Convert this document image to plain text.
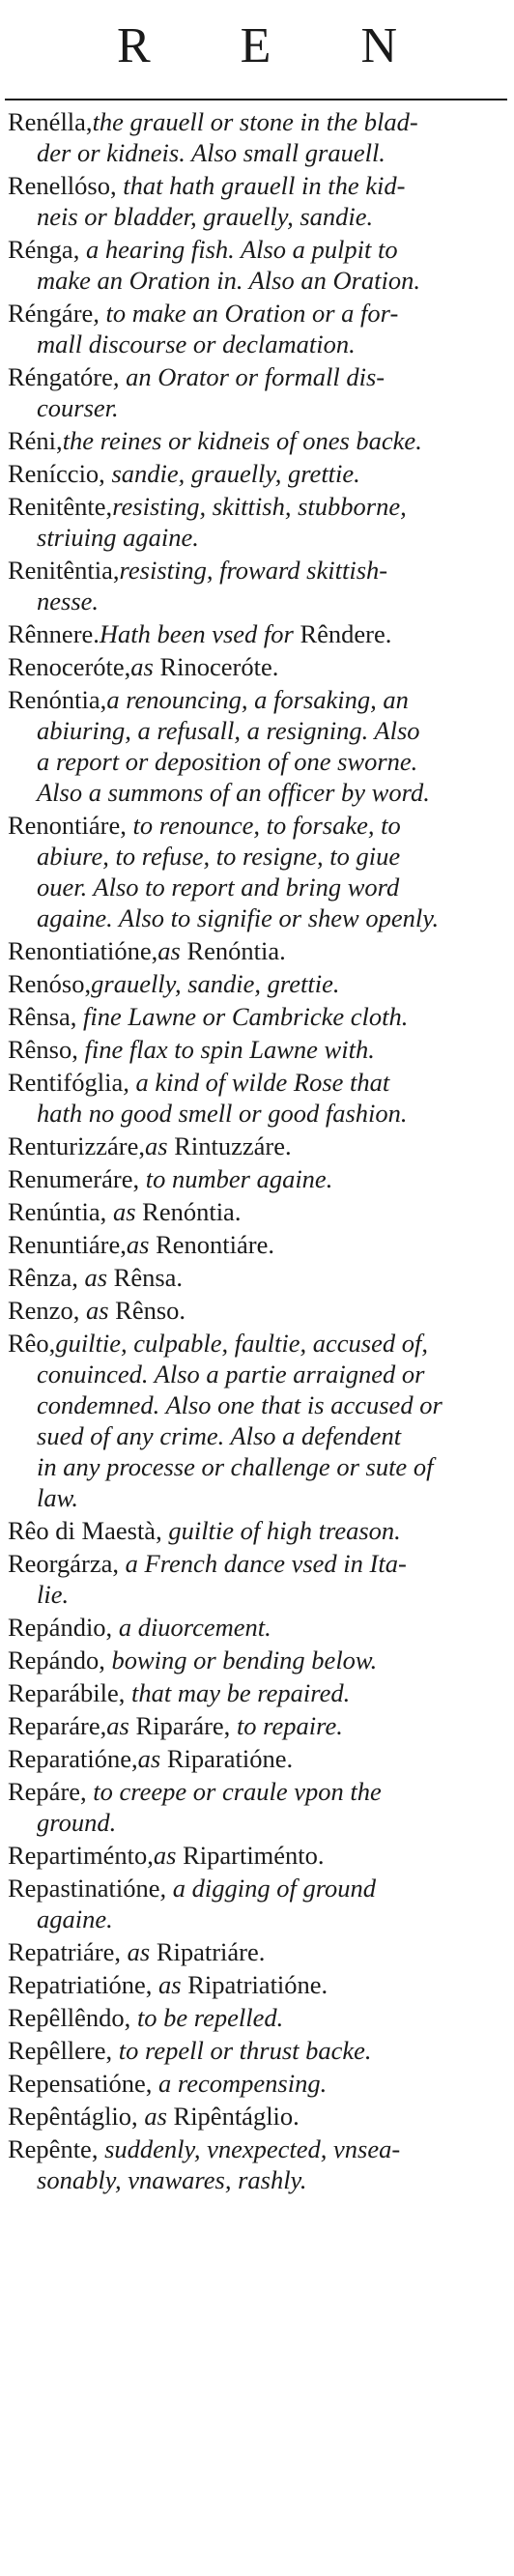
R E N
Renélla,the grauell or stone in the blad-
der or kidneis. Also small grauell.
Renellóso, that hath grauell in the kid-
neis or bladder, grauelly, sandie.
Rénga, a hearing fish. Also a pulpit to
make an Oration in. Also an Oration.
Réngáre, to make an Oration or a for-
mall discourse or declamation.
Réngatóre, an Orator or formall dis-
courser.
Réni,the reines or kidneis of ones backe.
Reníccio, sandie, grauelly, grettie.
Renitênte,resisting, skittish, stubborne,
striuing againe.
Renitêntia,resisting, froward skittish-
nesse.
Rênnere.Hath been vsed for Rêndere.
Renoceróte,as Rinoceróte.
Renóntia,a renouncing, a forsaking, an
abiuring, a refusall, a resigning. Also
a report or deposition of one sworne.
Also a summons of an officer by word.
Renontiáre, to renounce, to forsake, to
abiure, to refuse, to resigne, to giue
ouer. Also to report and bring word
againe. Also to signifie or shew openly.
Renontiatióne,as Renóntia.
Renóso,grauelly, sandie, grettie.
Rênsa, fine Lawne or Cambricke cloth.
Rênso, fine flax to spin Lawne with.
Rentifóglia, a kind of wilde Rose that
hath no good smell or good fashion.
Renturizzáre,as Rintuzzáre.
Renumeráre, to number againe.
Renúntia, as Renóntia.
Renuntiáre,as Renontiáre.
Rênza, as Rênsa.
Renzo, as Rênso.
Rêo,guiltie, culpable, faultie, accused of,
conuinced. Also a partie arraigned or
condemned. Also one that is accused or
sued of any crime. Also a defendent
in any processe or challenge or sute of
law.
Rêo di Maestà, guiltie of high treason.
Reorgárza, a French dance vsed in Ita-
lie.
Repándio, a diuorcement.
Repándo, bowing or bending below.
Reparábile, that may be repaired.
Reparáre,as Riparáre, to repaire.
Reparatióne,as Riparatióne.
Repáre, to creepe or craule vpon the
ground.
Repartiménto,as Ripartiménto.
Repastinatióne, a digging of ground
againe.
Repatriáre, as Ripatriáre.
Repatriatióne, as Ripatriatióne.
Repêllêndo, to be repelled.
Repêllere, to repell or thrust backe.
Repensatióne, a recompensing.
Repêntáglio, as Ripêntáglio.
Repênte, suddenly, vnexpected, vnsea-
sonably, vnawares, rashly.
